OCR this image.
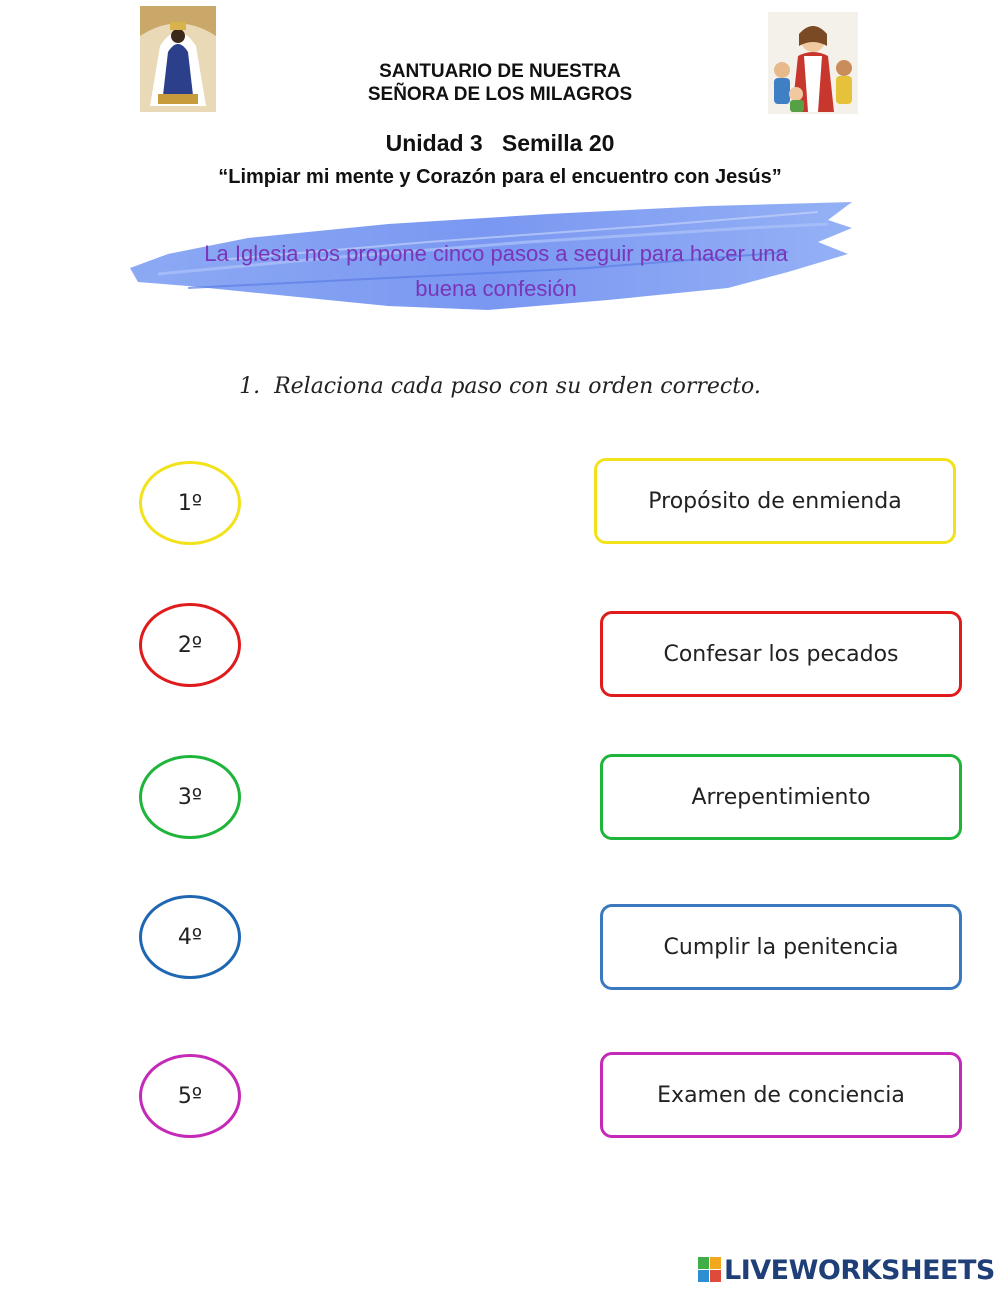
SANTUARIO DE NUESTRA
SEÑORA DE LOS MILAGROS
Unidad 3   Semilla 20
“Limpiar mi mente y Corazón para el encuentro con Jesús”
La Iglesia nos propone cinco pasos a seguir para hacer una
buena confesión
1.  Relaciona cada paso con su orden correcto.
1º
2º
3º
4º
5º
Propósito de enmienda
Confesar los pecados
Arrepentimiento
Cumplir la penitencia
Examen de conciencia
LIVEWORKSHEETS
